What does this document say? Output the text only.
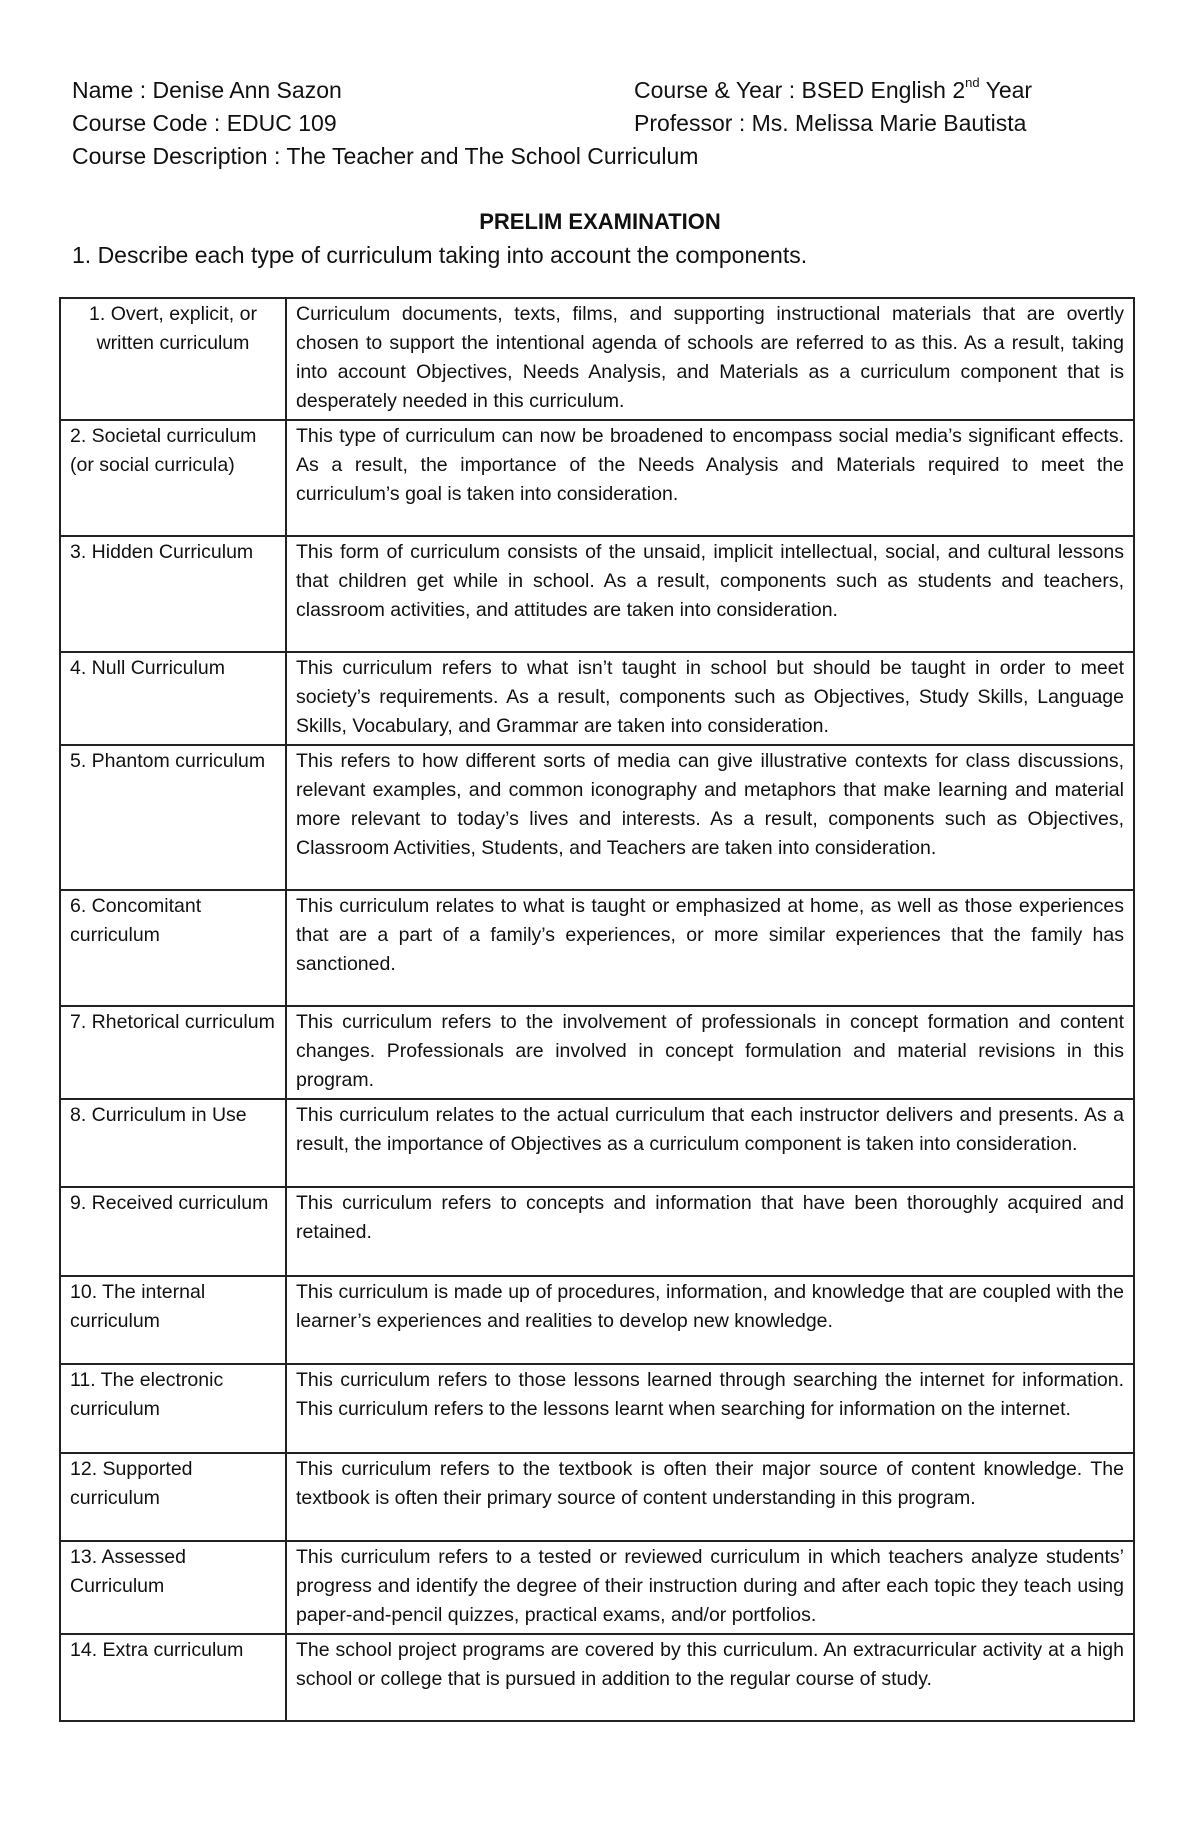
Name : Denise Ann Sazon	Course & Year : BSED English 2nd Year
Course Code : EDUC 109	Professor : Ms. Melissa Marie Bautista
Course Description : The Teacher and The School Curriculum
PRELIM EXAMINATION
1. Describe each type of curriculum taking into account the components.
1. Overt, explicit, or written curriculum	Curriculum documents, texts, films, and supporting instructional materials that are overtly chosen to support the intentional agenda of schools are referred to as this. As a result, taking into account Objectives, Needs Analysis, and Materials as a curriculum component that is desperately needed in this curriculum.
2. Societal curriculum (or social curricula)	This type of curriculum can now be broadened to encompass social media’s significant effects. As a result, the importance of the Needs Analysis and Materials required to meet the curriculum’s goal is taken into consideration.
3. Hidden Curriculum	This form of curriculum consists of the unsaid, implicit intellectual, social, and cultural lessons that children get while in school. As a result, components such as students and teachers, classroom activities, and attitudes are taken into consideration.
4. Null Curriculum	This curriculum refers to what isn’t taught in school but should be taught in order to meet society’s requirements. As a result, components such as Objectives, Study Skills, Language Skills, Vocabulary, and Grammar are taken into consideration.
5. Phantom curriculum	This refers to how different sorts of media can give illustrative contexts for class discussions, relevant examples, and common iconography and metaphors that make learning and material more relevant to today’s lives and interests. As a result, components such as Objectives, Classroom Activities, Students, and Teachers are taken into consideration.
6. Concomitant curriculum	This curriculum relates to what is taught or emphasized at home, as well as those experiences that are a part of a family’s experiences, or more similar experiences that the family has sanctioned.
7. Rhetorical curriculum	This curriculum refers to the involvement of professionals in concept formation and content changes. Professionals are involved in concept formulation and material revisions in this program.
8. Curriculum in Use	This curriculum relates to the actual curriculum that each instructor delivers and presents. As a result, the importance of Objectives as a curriculum component is taken into consideration.
9. Received curriculum	This curriculum refers to concepts and information that have been thoroughly acquired and retained.
10. The internal curriculum	This curriculum is made up of procedures, information, and knowledge that are coupled with the learner’s experiences and realities to develop new knowledge.
11. The electronic curriculum	This curriculum refers to those lessons learned through searching the internet for information. This curriculum refers to the lessons learnt when searching for information on the internet.
12. Supported curriculum	This curriculum refers to the textbook is often their major source of content knowledge. The textbook is often their primary source of content understanding in this program.
13. Assessed Curriculum	This curriculum refers to a tested or reviewed curriculum in which teachers analyze students’ progress and identify the degree of their instruction during and after each topic they teach using paper-and-pencil quizzes, practical exams, and/or portfolios.
14. Extra curriculum	The school project programs are covered by this curriculum. An extracurricular activity at a high school or college that is pursued in addition to the regular course of study.
